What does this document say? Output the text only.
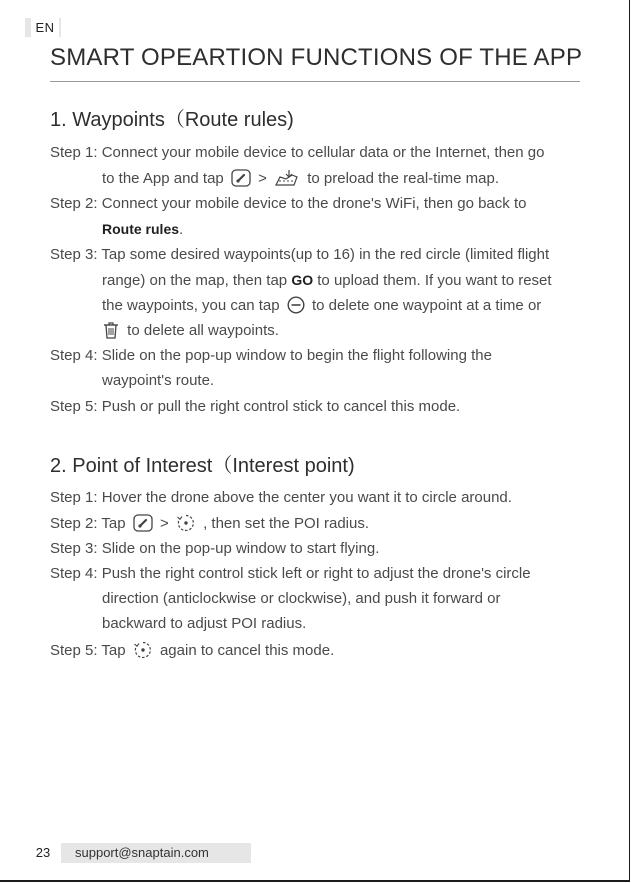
EN
SMART OPEARTION FUNCTIONS OF THE APP
1. Waypoints（Route rules)
Step 1: Connect your mobile device to cellular data or the Internet, then go
to the App and tap >	to preload the real-time map.
Step 2: Connect your mobile device to the drone's WiFi, then go back to
Route rules.
Step 3: Tap some desired waypoints(up to 16) in the red circle (limited flight
range) on the map, then tap GO to upload them. If you want to reset
the waypoints, you can tap to delete one waypoint at a time or
to delete all waypoints.
Step 4: Slide on the pop-up window to begin the flight following the
waypoint's route.
Step 5: Push or pull the right control stick to cancel this mode.
2. Point of Interest（Interest point)
Step 1: Hover the drone above the center you want it to circle around.
Step 2: Tap > , then set the POI radius.
Step 3: Slide on the pop-up window to start flying.
Step 4: Push the right control stick left or right to adjust the drone's circle
direction (anticlockwise or clockwise), and push it forward or
backward to adjust POI radius.
Step 5: Tap again to cancel this mode.
23	support@snaptain.com
